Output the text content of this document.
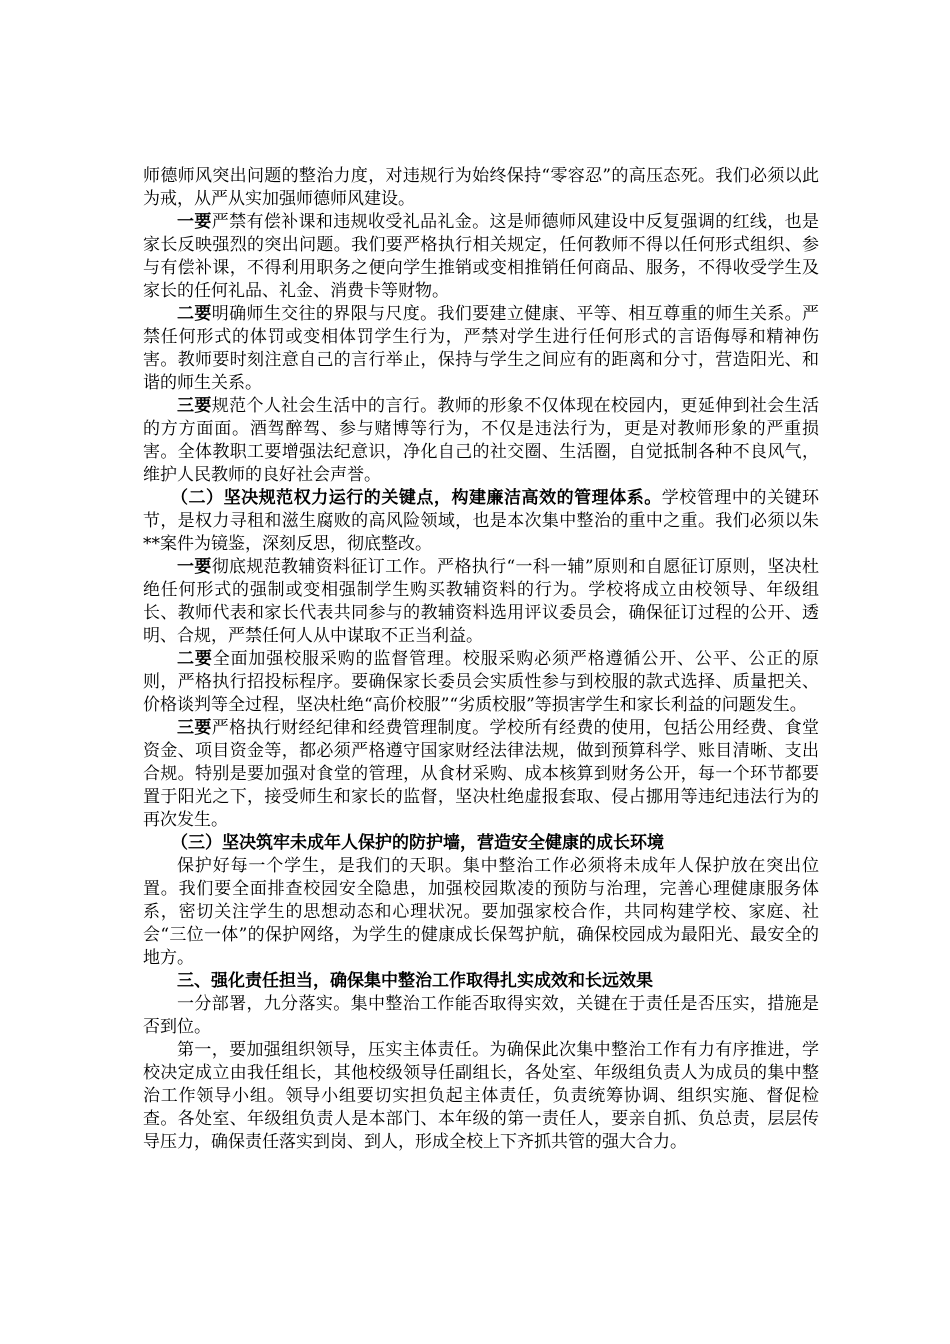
师德师风突出问题的整治力度，对违规行为始终保持“零容忍”的高压态死。我们必须以此为戒，从严从实加强师德师风建设。

一要严禁有偿补课和违规收受礼品礼金。这是师德师风建设中反复强调的红线，也是家长反映强烈的突出问题。我们要严格执行相关规定，任何教师不得以任何形式组织、参与有偿补课，不得利用职务之便向学生推销或变相推销任何商品、服务，不得收受学生及家长的任何礼品、礼金、消费卡等财物。

二要明确师生交往的界限与尺度。我们要建立健康、平等、相互尊重的师生关系。严禁任何形式的体罚或变相体罚学生行为，严禁对学生进行任何形式的言语侮辱和精神伤害。教师要时刻注意自己的言行举止，保持与学生之间应有的距离和分寸，营造阳光、和谐的师生关系。

三要规范个人社会生活中的言行。教师的形象不仅体现在校园内，更延伸到社会生活的方方面面。酒驾醉驾、参与赌博等行为，不仅是违法行为，更是对教师形象的严重损害。全体教职工要增强法纪意识，净化自己的社交圈、生活圈，自觉抵制各种不良风气，维护人民教师的良好社会声誉。

（二）坚决规范权力运行的关键点，构建廉洁高效的管理体系。学校管理中的关键环节，是权力寻租和滋生腐败的高风险领域，也是本次集中整治的重中之重。我们必须以朱**案件为镜鉴，深刻反思，彻底整改。

一要彻底规范教辅资料征订工作。严格执行“一科一辅”原则和自愿征订原则，坚决杜绝任何形式的强制或变相强制学生购买教辅资料的行为。学校将成立由校领导、年级组长、教师代表和家长代表共同参与的教辅资料选用评议委员会，确保征订过程的公开、透明、合规，严禁任何人从中谋取不正当利益。

二要全面加强校服采购的监督管理。校服采购必须严格遵循公开、公平、公正的原则，严格执行招投标程序。要确保家长委员会实质性参与到校服的款式选择、质量把关、价格谈判等全过程，坚决杜绝“高价校服”“劣质校服”等损害学生和家长利益的问题发生。

三要严格执行财经纪律和经费管理制度。学校所有经费的使用，包括公用经费、食堂资金、项目资金等，都必须严格遵守国家财经法律法规，做到预算科学、账目清晰、支出合规。特别是要加强对食堂的管理，从食材采购、成本核算到财务公开，每一个环节都要置于阳光之下，接受师生和家长的监督，坚决杜绝虚报套取、侵占挪用等违纪违法行为的再次发生。

（三）坚决筑牢未成年人保护的防护墙，营造安全健康的成长环境

保护好每一个学生，是我们的天职。集中整治工作必须将未成年人保护放在突出位置。我们要全面排查校园安全隐患，加强校园欺凌的预防与治理，完善心理健康服务体系，密切关注学生的思想动态和心理状况。要加强家校合作，共同构建学校、家庭、社会“三位一体”的保护网络，为学生的健康成长保驾护航，确保校园成为最阳光、最安全的地方。

三、强化责任担当，确保集中整治工作取得扎实成效和长远效果

一分部署，九分落实。集中整治工作能否取得实效，关键在于责任是否压实，措施是否到位。

第一，要加强组织领导，压实主体责任。为确保此次集中整治工作有力有序推进，学校决定成立由我任组长，其他校级领导任副组长，各处室、年级组负责人为成员的集中整治工作领导小组。领导小组要切实担负起主体责任，负责统筹协调、组织实施、督促检查。各处室、年级组负责人是本部门、本年级的第一责任人，要亲自抓、负总责，层层传导压力，确保责任落实到岗、到人，形成全校上下齐抓共管的强大合力。
